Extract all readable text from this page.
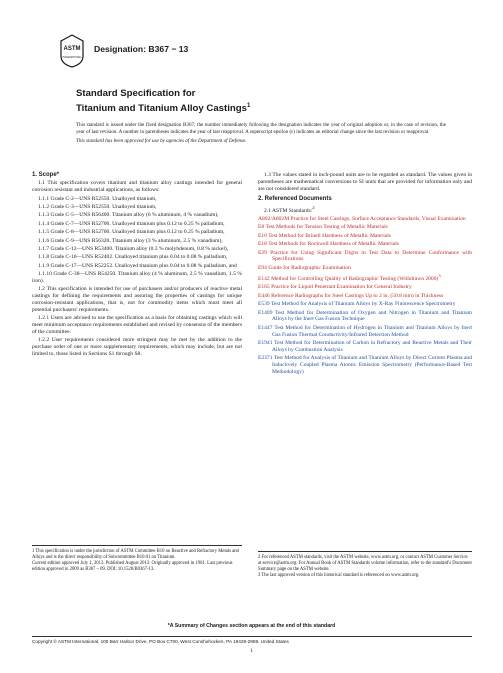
ASTM
INTERNATIONAL
Designation: B367 − 13
Standard Specification for
Titanium and Titanium Alloy Castings$^1$

This standard is issued under the fixed designation B367; the number immediately following the designation indicates the year of original adoption or, in the case of revision, the year of last revision. A number in parentheses indicates the year of last reapproval. A superscript epsilon (ε) indicates an editorial change since the last revision or reapproval.

This standard has been approved for use by agencies of the Department of Defense.

1. Scope*

1.1 This specification covers titanium and titanium alloy castings intended for general corrosion resistant and industrial applications, as follows:

1.1.1 Grade C-2—UNS R52550. Unalloyed titanium,

1.1.2 Grade C-3—UNS R52550. Unalloyed titanium,

1.1.3 Grade C-5—UNS R56400. Titanium alloy (6 % aluminum, 4 % vanadium),

1.1.4 Grade C-7—UNS R52700. Unalloyed titanium plus 0.12 to 0.25 % palladium,

1.1.5 Grade C-8—UNS R52700. Unalloyed titanium plus 0.12 to 0.25 % palladium,

1.1.6 Grade C-9—UNS R56320. Titanium alloy (3 % aluminum, 2.5 % vanadium),

1.1.7 Grade C-12—UNS R53400. Titanium alloy (0.3 % molybdenum, 0.8 % nickel),

1.1.8 Grade C-16—UNS R52402. Unalloyed titanium plus 0.04 to 0.08 % palladium,

1.1.9 Grade C-17—UNS R52252. Unalloyed titanium plus 0.04 to 0.08 % palladium, and

1.1.10 Grade C-38—UNS R54250. Titanium alloy (4 % aluminum, 2.5 % vanadium, 1.5 % iron).

1.2 This specification is intended for use of purchasers and/or producers of reactive metal castings for defining the requirements and assuring the properties of castings for unique corrosion-resistant applications, that is, not for commodity items which must meet all potential purchasers' requirements.

1.2.1 Users are advised to use the specification as a basis for obtaining castings which will meet minimum acceptance requirements established and revised by consensus of the members of the committee.

1.2.2 User requirements considered more stringent may be met by the addition to the purchase order of one or more supplementary requirements, which may include, but are not limited to, those listed in Sections S1 through S8.

1.3 The values stated in inch-pound units are to be regarded as standard. The values given in parentheses are mathematical conversions to SI units that are provided for information only and are not considered standard.

2. Referenced Documents

2.1 ASTM Standards:$^2$

A802/A802M Practice for Steel Castings, Surface Acceptance Standards, Visual Examination

E8 Test Methods for Tension Testing of Metallic Materials

E10 Test Method for Brinell Hardness of Metallic Materials

E18 Test Methods for Rockwell Hardness of Metallic Materials

E29 Practice for Using Significant Digits in Test Data to Determine Conformance with Specifications

E94 Guide for Radiographic Examination

E142 Method for Controlling Quality of Radiographic Testing (Withdrawn 2000)$^3$

E165 Practice for Liquid Penetrant Examination for General Industry

E446 Reference Radiographs for Steel Castings Up to 2 in. (50.8 mm) in Thickness

E539 Test Method for Analysis of Titanium Alloys by X-Ray Fluorescence Spectrometry

E1409 Test Method for Determination of Oxygen and Nitrogen in Titanium and Titanium Alloys by the Inert Gas Fusion Technique

E1447 Test Method for Determination of Hydrogen in Titanium and Titanium Alloys by Inert Gas Fusion Thermal Conductivity/Infrared Detection Method

E1941 Test Method for Determination of Carbon in Refractory and Reactive Metals and Their Alloys by Combustion Analysis

E2371 Test Method for Analysis of Titanium and Titanium Alloys by Direct Current Plasma and Inductively Coupled Plasma Atomic Emission Spectrometry (Performance-Based Test Methodology)

1 This specification is under the jurisdiction of ASTM Committee B10 on Reactive and Refractory Metals and Alloys and is the direct responsibility of Subcommittee B10.01 on Titanium.

Current edition approved July 1, 2013. Published August 2013. Originally approved in 1961. Last previous edition approved in 2009 as B367 – 09. DOI: 10.1520/B0367-13.

2 For referenced ASTM standards, visit the ASTM website, www.astm.org, or contact ASTM Customer Service at service@astm.org. For Annual Book of ASTM Standards volume information, refer to the standard's Document Summary page on the ASTM website.

3 The last approved version of this historical standard is referenced on www.astm.org.

*A Summary of Changes section appears at the end of this standard
Copyright © ASTM International, 100 Barr Harbor Drive, PO Box C700, West Conshohocken, PA 19428-2959. United States
1
